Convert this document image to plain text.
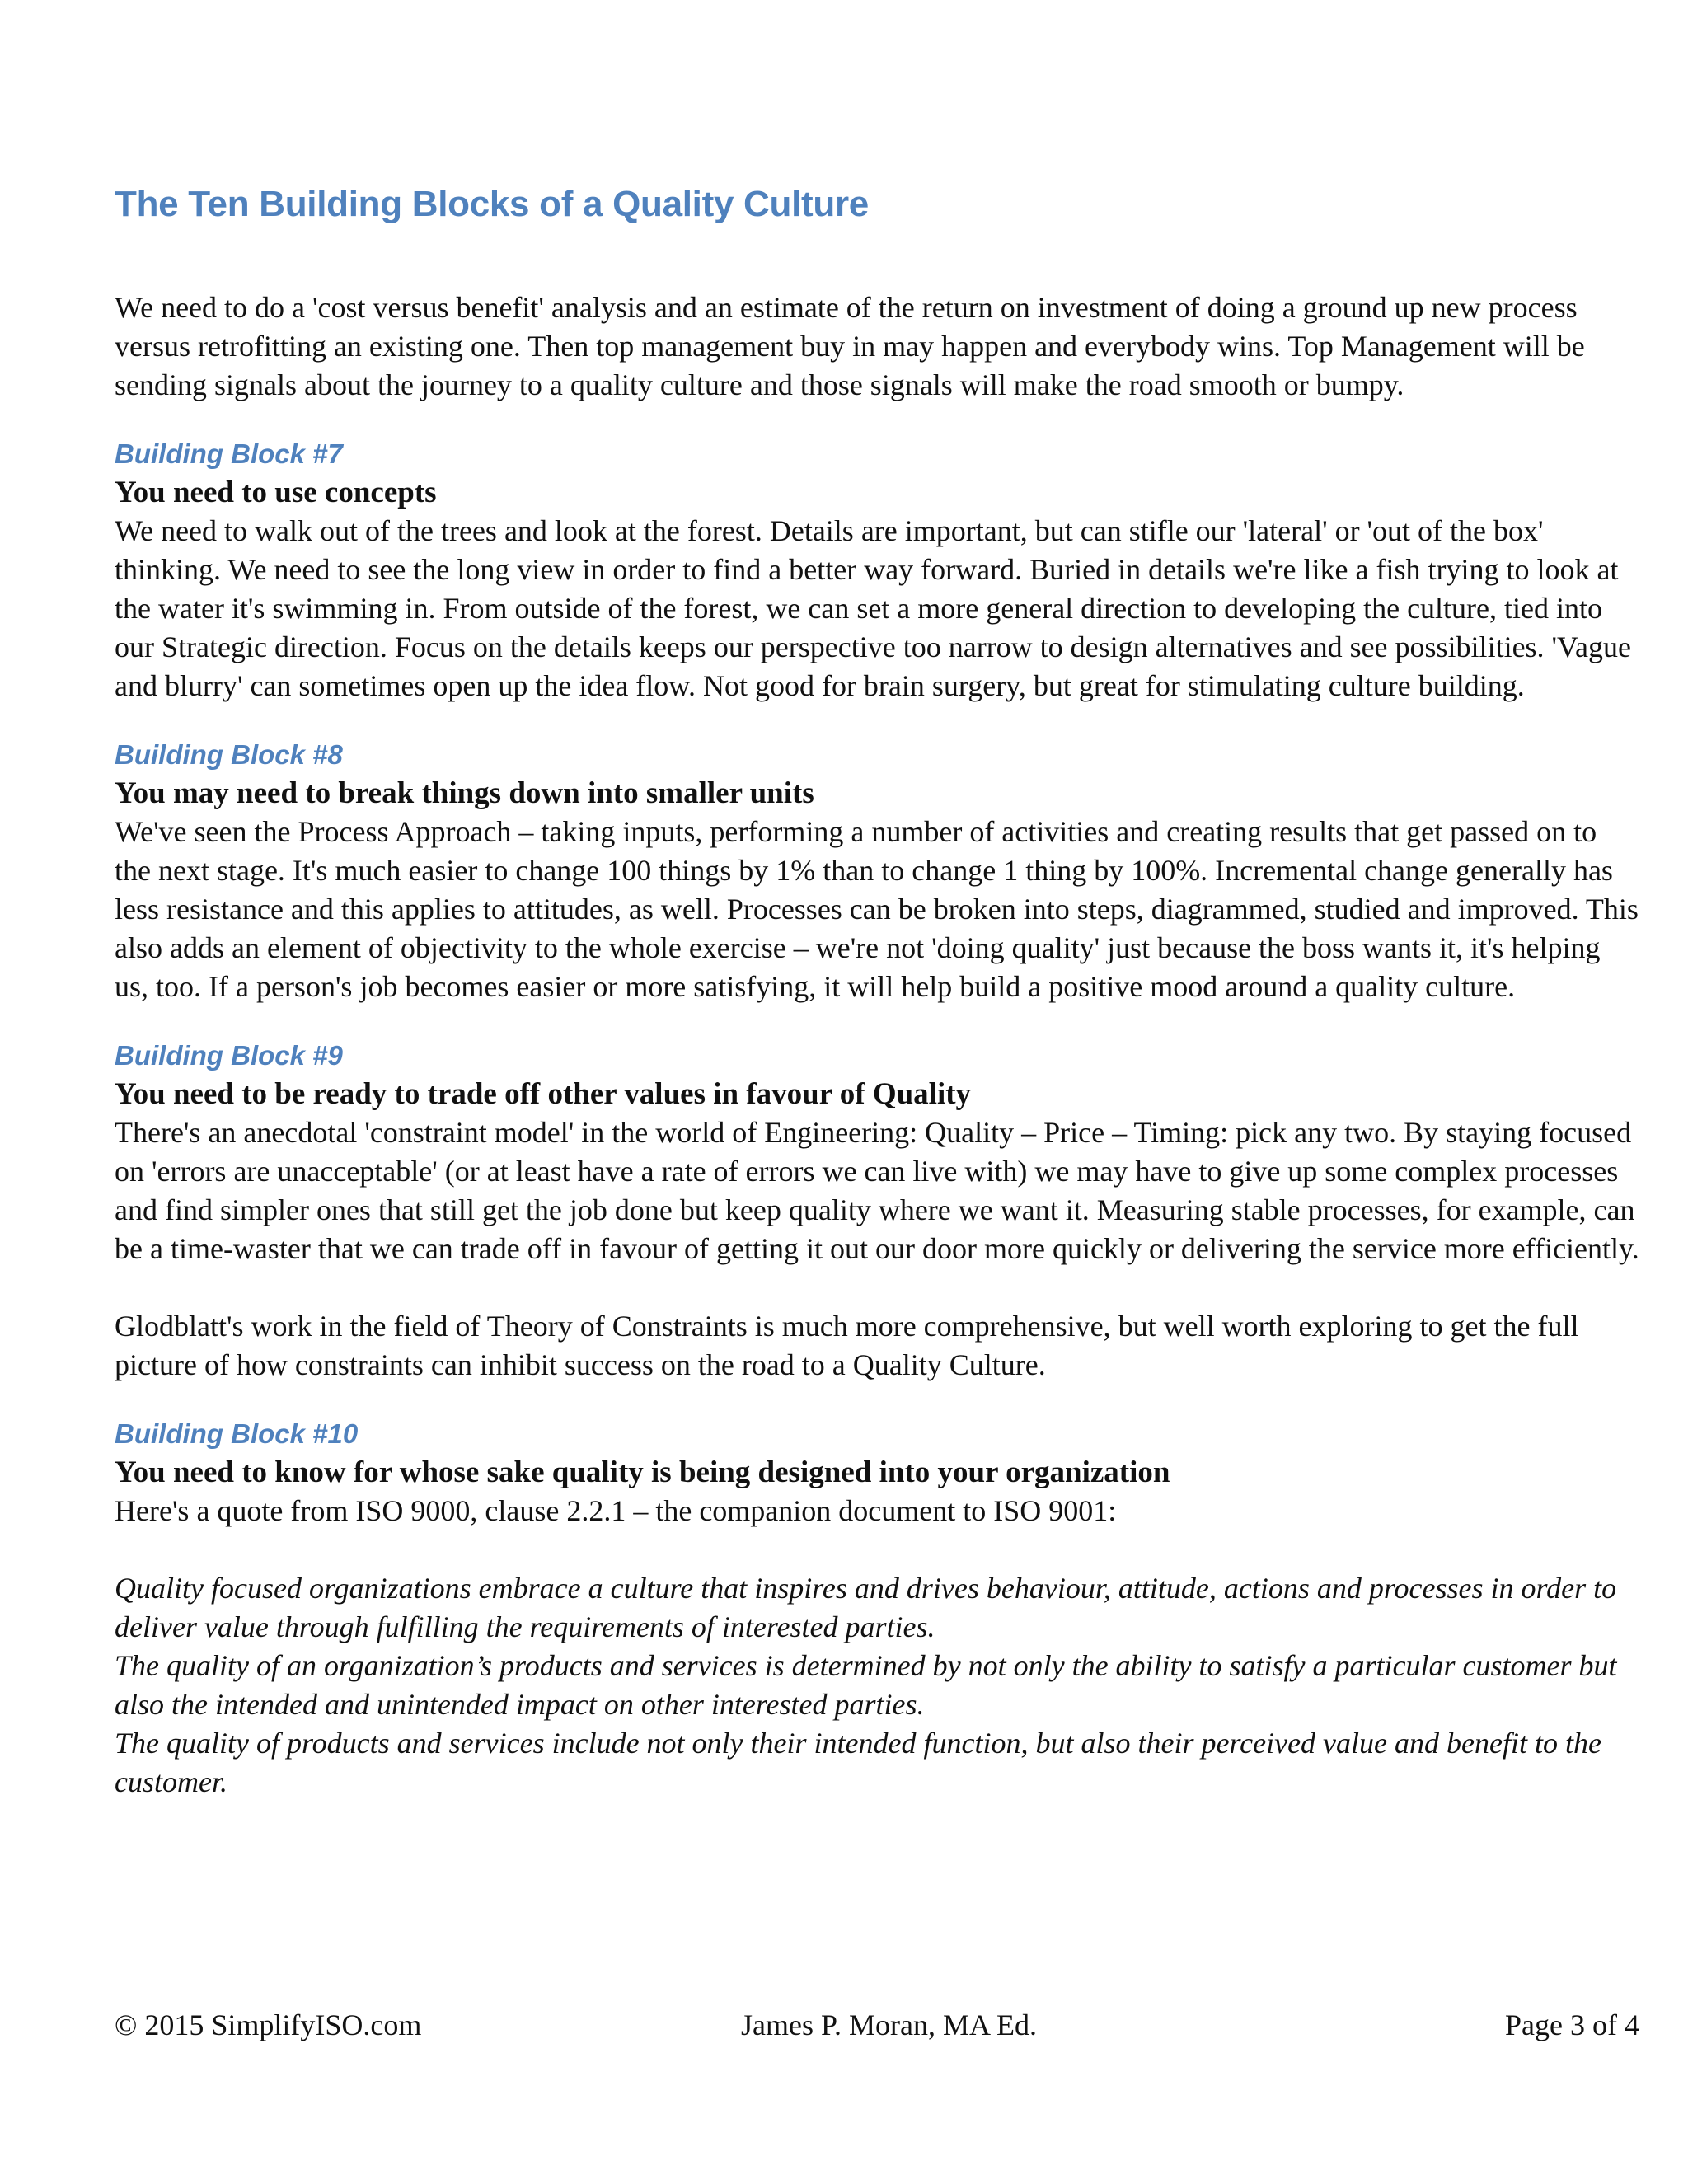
The Ten Building Blocks of a Quality Culture

We need to do a 'cost versus benefit' analysis and an estimate of the return on investment of doing a ground up new process versus retrofitting an existing one. Then top management buy in may happen and everybody wins. Top Management will be sending signals about the journey to a quality culture and those signals will make the road smooth or bumpy.

Building Block #7

You need to use concepts

We need to walk out of the trees and look at the forest. Details are important, but can stifle our 'lateral' or 'out of the box' thinking. We need to see the long view in order to find a better way forward. Buried in details we're like a fish trying to look at the water it's swimming in. From outside of the forest, we can set a more general direction to developing the culture, tied into our Strategic direction. Focus on the details keeps our perspective too narrow to design alternatives and see possibilities. 'Vague and blurry' can sometimes open up the idea flow. Not good for brain surgery, but great for stimulating culture building.

Building Block #8

You may need to break things down into smaller units

We've seen the Process Approach – taking inputs, performing a number of activities and creating results that get passed on to the next stage. It's much easier to change 100 things by 1% than to change 1 thing by 100%. Incremental change generally has less resistance and this applies to attitudes, as well. Processes can be broken into steps, diagrammed, studied and improved. This also adds an element of objectivity to the whole exercise – we're not 'doing quality' just because the boss wants it, it's helping us, too. If a person's job becomes easier or more satisfying, it will help build a positive mood around a quality culture.

Building Block #9

You need to be ready to trade off other values in favour of Quality

There's an anecdotal 'constraint model' in the world of Engineering: Quality – Price – Timing: pick any two. By staying focused on 'errors are unacceptable' (or at least have a rate of errors we can live with) we may have to give up some complex processes and find simpler ones that still get the job done but keep quality where we want it. Measuring stable processes, for example, can be a time-waster that we can trade off in favour of getting it out our door more quickly or delivering the service more efficiently.

Glodblatt's work in the field of Theory of Constraints is much more comprehensive, but well worth exploring to get the full picture of how constraints can inhibit success on the road to a Quality Culture.

Building Block #10

You need to know for whose sake quality is being designed into your organization

Here's a quote from ISO 9000, clause 2.2.1 – the companion document to ISO 9001:

Quality focused organizations embrace a culture that inspires and drives behaviour, attitude, actions and processes in order to deliver value through fulfilling the requirements of interested parties.

The quality of an organization’s products and services is determined by not only the ability to satisfy a particular customer but also the intended and unintended impact on other interested parties.

The quality of products and services include not only their intended function, but also their perceived value and benefit to the customer.

© 2015 SimplifyISO.com	James P. Moran, MA Ed.	Page 3 of 4
